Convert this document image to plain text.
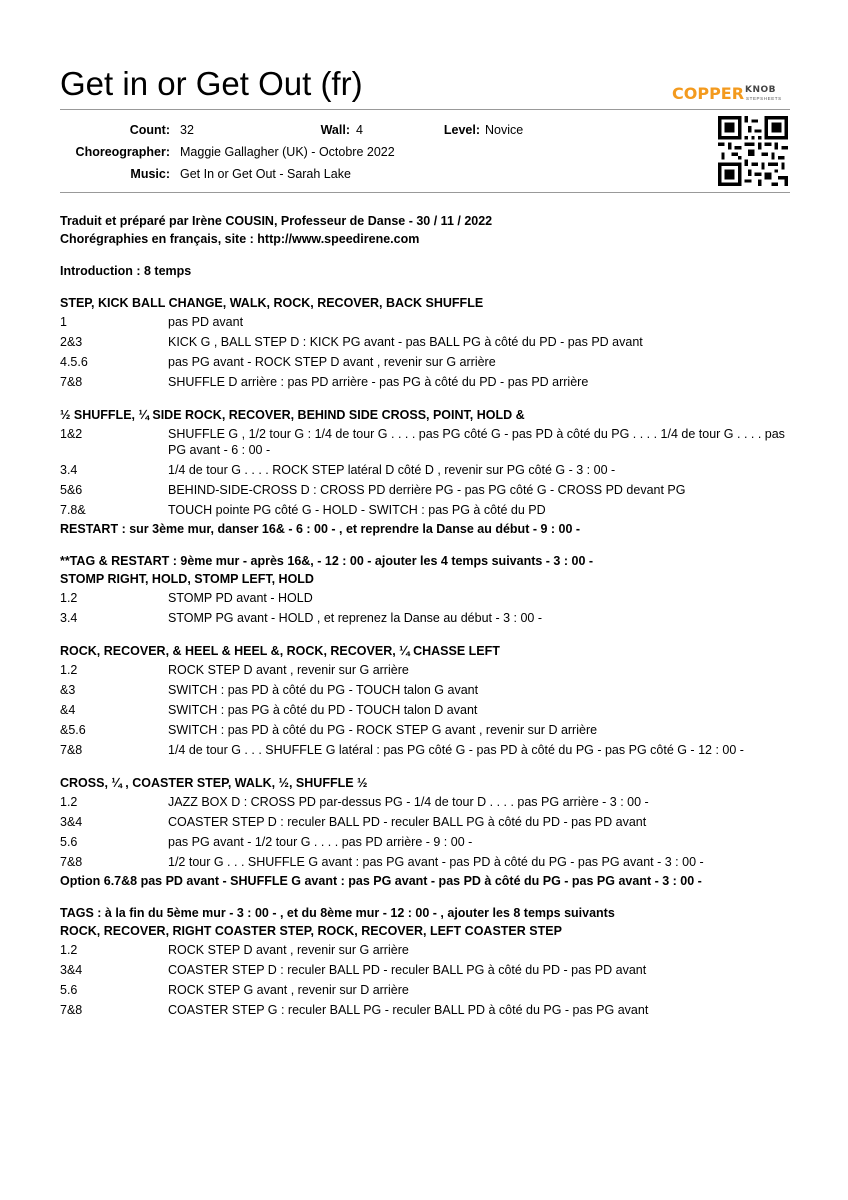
Get in or Get Out (fr)	COPPER KNOB
STEPSHEETS
Count: 32	Wall: 4	Level: Novice
Choreographer: Maggie Gallagher (UK) - Octobre 2022
Music: Get In or Get Out - Sarah Lake
Traduit et préparé par Irène COUSIN, Professeur de Danse - 30 / 11 / 2022
Chorégraphies en français, site : http://www.speedirene.com
Introduction : 8 temps
STEP, KICK BALL CHANGE, WALK, ROCK, RECOVER, BACK SHUFFLE
1	pas PD avant
2&3	KICK G , BALL STEP D : KICK PG avant - pas BALL PG à côté du PD - pas PD avant
4.5.6	pas PG avant - ROCK STEP D avant , revenir sur G arrière
7&8	SHUFFLE D arrière : pas PD arrière - pas PG à côté du PD - pas PD arrière
½ SHUFFLE, ¼ SIDE ROCK, RECOVER, BEHIND SIDE CROSS, POINT, HOLD &
1&2	SHUFFLE G , 1/2 tour G : 1/4 de tour G . . . . pas PG côté G - pas PD à côté du PG . . . . 1/4 de tour G . . . . pas PG avant - 6 : 00 -
3.4	1/4 de tour G . . . . ROCK STEP latéral D côté D , revenir sur PG côté G - 3 : 00 -
5&6	BEHIND-SIDE-CROSS D : CROSS PD derrière PG - pas PG côté G - CROSS PD devant PG
7.8&	TOUCH pointe PG côté G - HOLD - SWITCH : pas PG à côté du PD
RESTART : sur 3ème mur, danser 16& - 6 : 00 - , et reprendre la Danse au début - 9 : 00 -
**TAG & RESTART : 9ème mur - après 16&, - 12 : 00 - ajouter les 4 temps suivants - 3 : 00 -
STOMP RIGHT, HOLD, STOMP LEFT, HOLD
1.2	STOMP PD avant - HOLD
3.4	STOMP PG avant - HOLD , et reprenez la Danse au début - 3 : 00 -
ROCK, RECOVER, & HEEL & HEEL &, ROCK, RECOVER, ¼ CHASSE LEFT
1.2	ROCK STEP D avant , revenir sur G arrière
&3	SWITCH : pas PD à côté du PG - TOUCH talon G avant
&4	SWITCH : pas PG à côté du PD - TOUCH talon D avant
&5.6	SWITCH : pas PD à côté du PG - ROCK STEP G avant , revenir sur D arrière
7&8	1/4 de tour G . . . SHUFFLE G latéral : pas PG côté G - pas PD à côté du PG - pas PG côté G - 12 : 00 -
CROSS, ¼ , COASTER STEP, WALK, ½, SHUFFLE ½
1.2	JAZZ BOX D : CROSS PD par-dessus PG - 1/4 de tour D . . . . pas PG arrière - 3 : 00 -
3&4	COASTER STEP D : reculer BALL PD - reculer BALL PG à côté du PD - pas PD avant
5.6	pas PG avant - 1/2 tour G . . . . pas PD arrière - 9 : 00 -
7&8	1/2 tour G . . . SHUFFLE G avant : pas PG avant - pas PD à côté du PG - pas PG avant - 3 : 00 -
Option 6.7&8 pas PD avant - SHUFFLE G avant : pas PG avant - pas PD à côté du PG - pas PG avant - 3 : 00 -
TAGS : à la fin du 5ème mur - 3 : 00 - , et du 8ème mur - 12 : 00 - , ajouter les 8 temps suivants
ROCK, RECOVER, RIGHT COASTER STEP, ROCK, RECOVER, LEFT COASTER STEP
1.2	ROCK STEP D avant , revenir sur G arrière
3&4	COASTER STEP D : reculer BALL PD - reculer BALL PG à côté du PD - pas PD avant
5.6	ROCK STEP G avant , revenir sur D arrière
7&8	COASTER STEP G : reculer BALL PG - reculer BALL PD à côté du PG - pas PG avant
